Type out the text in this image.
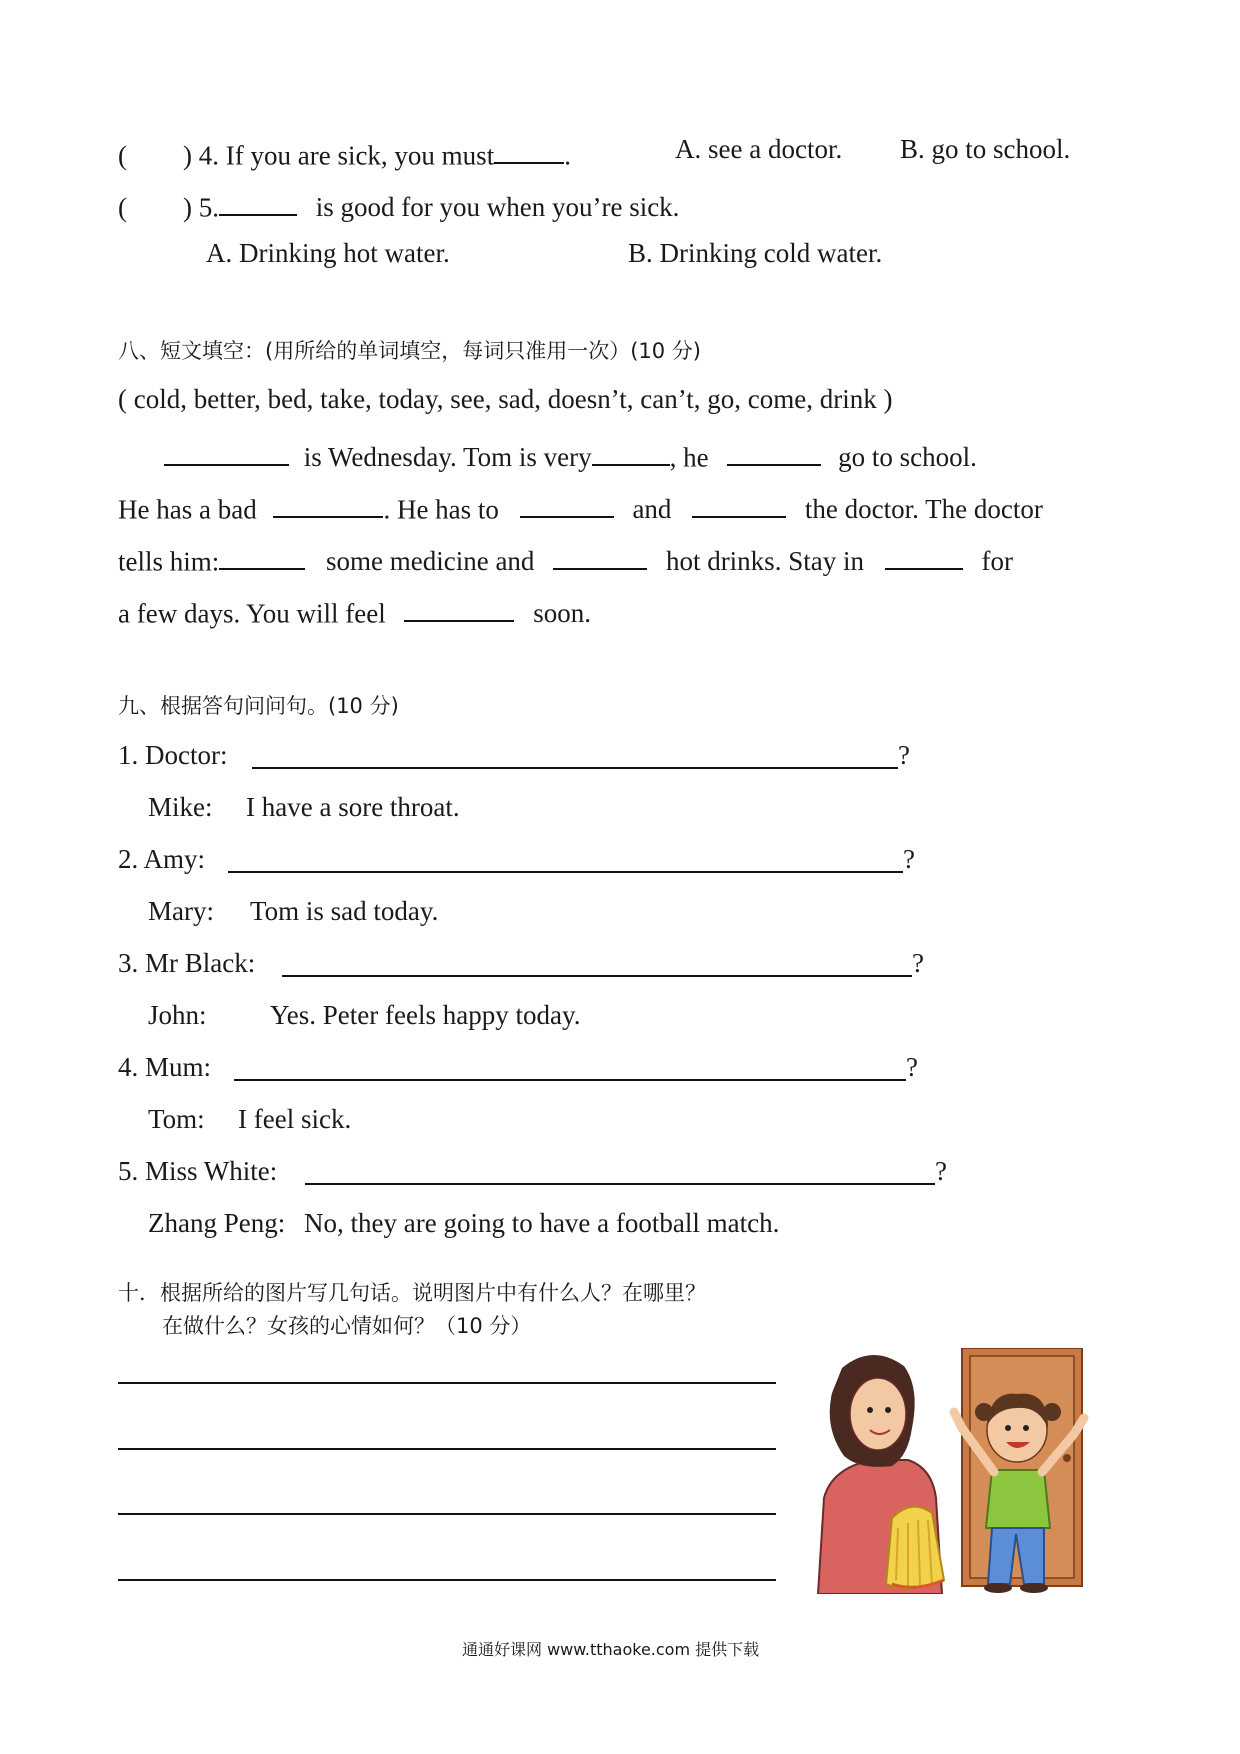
( ) 4. If you are sick, you must	.	A. see a doctor. B. go to school.
( ) 5.	is good for you when you’re sick.
A. Drinking hot water.	B. Drinking cold water.
八、短文填空：(用所给的单词填空，每词只准用一次）(10 分)
( cold, better, bed, take, today, see, sad, doesn’t, can’t, go, come, drink )
is Wednesday. Tom is very	, he	go to school.
He has a bad	. He has to	and	the doctor. The doctor
tells him:	some medicine and	hot drinks. Stay in	for
a few days. You will feel	soon.
九、根据答句问问句。(10 分)
1. Doctor:	?
Mike: I have a sore throat.
2. Amy:	?
Mary: Tom is sad today.
3. Mr Black:	?
John: Yes. Peter feels happy today.
4. Mum:	?
Tom: I feel sick.
5. Miss White:	?
Zhang Peng: No, they are going to have a football match.
十．根据所给的图片写几句话。说明图片中有什么人？在哪里？
在做什么？女孩的心情如何？（10 分）
通通好课网 www.tthaoke.com 提供下载
